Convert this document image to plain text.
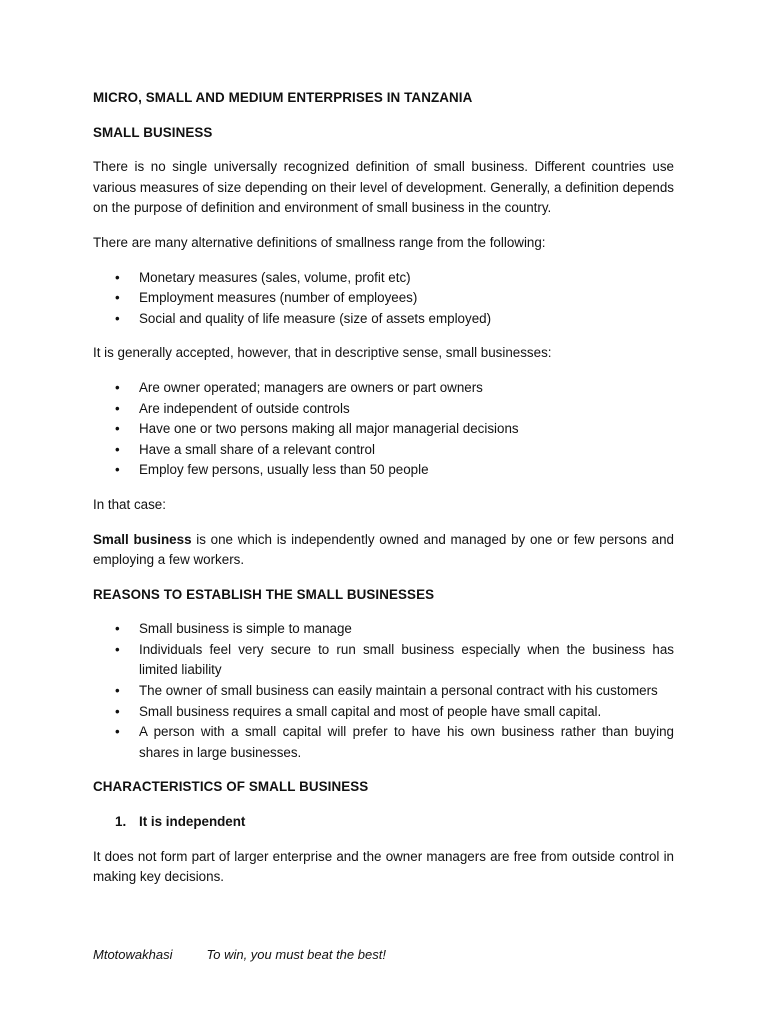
MICRO, SMALL AND MEDIUM ENTERPRISES IN TANZANIA
SMALL BUSINESS

There is no single universally recognized definition of small business. Different countries use various measures of size depending on their level of development. Generally, a definition depends on the purpose of definition and environment of small business in the country.

There are many alternative definitions of smallness range from the following:

• Monetary measures (sales, volume, profit etc)
• Employment measures (number of employees)
• Social and quality of life measure (size of assets employed)

It is generally accepted, however, that in descriptive sense, small businesses:

• Are owner operated; managers are owners or part owners
• Are independent of outside controls
• Have one or two persons making all major managerial decisions
• Have a small share of a relevant control
• Employ few persons, usually less than 50 people

In that case:

Small business is one which is independently owned and managed by one or few persons and employing a few workers.

REASONS TO ESTABLISH THE SMALL BUSINESSES
• Small business is simple to manage
• Individuals feel very secure to run small business especially when the business has limited liability
• The owner of small business can easily maintain a personal contract with his customers
• Small business requires a small capital and most of people have small capital.
• A person with a small capital will prefer to have his own business rather than buying shares in large businesses.
CHARACTERISTICS OF SMALL BUSINESS
1. It is independent

It does not form part of larger enterprise and the owner managers are free from outside control in making key decisions.

Mtotowakhasi	To win, you must beat the best!
